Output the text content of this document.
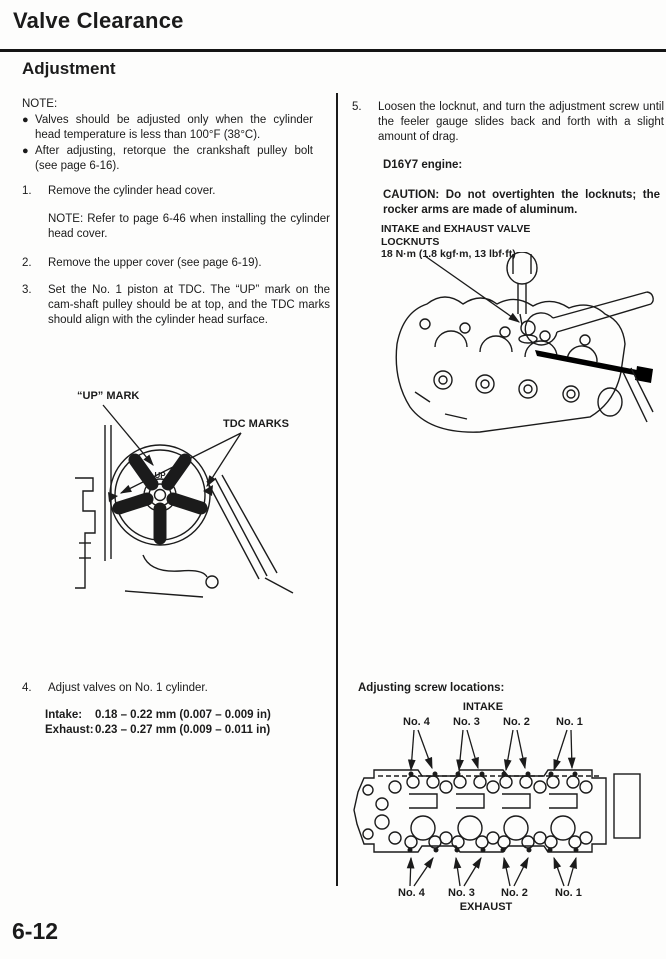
Valve Clearance
Adjustment
NOTE:
● Valves should be adjusted only when the cylinder head temperature is less than 100°F (38°C).
● After adjusting, retorque the crankshaft pulley bolt (see page 6-16).
1.	Remove the cylinder head cover.
NOTE: Refer to page 6-46 when installing the cylinder head cover.
2.	Remove the upper cover (see page 6-19).
3.	Set the No. 1 piston at TDC. The “UP” mark on the cam-shaft pulley should be at top, and the TDC marks should align with the cylinder head surface.
“UP” MARK
TDC MARKS
UP
4.	Adjust valves on No. 1 cylinder.
Intake:	0.18 – 0.22 mm (0.007 – 0.009 in)
Exhaust: 0.23 – 0.27 mm (0.009 – 0.011 in)
5.	Loosen the locknut, and turn the adjustment screw until the feeler gauge slides back and forth with a slight amount of drag.
D16Y7 engine:
CAUTION: Do not overtighten the locknuts; the rocker arms are made of aluminum.
INTAKE and EXHAUST VALVE
LOCKNUTS
18 N·m (1.8 kgf·m, 13 lbf·ft)
Adjusting screw locations:
INTAKE
No. 4 No. 3 No. 2 No. 1
No. 4 No. 3 No. 2 No. 1
EXHAUST
6-12
